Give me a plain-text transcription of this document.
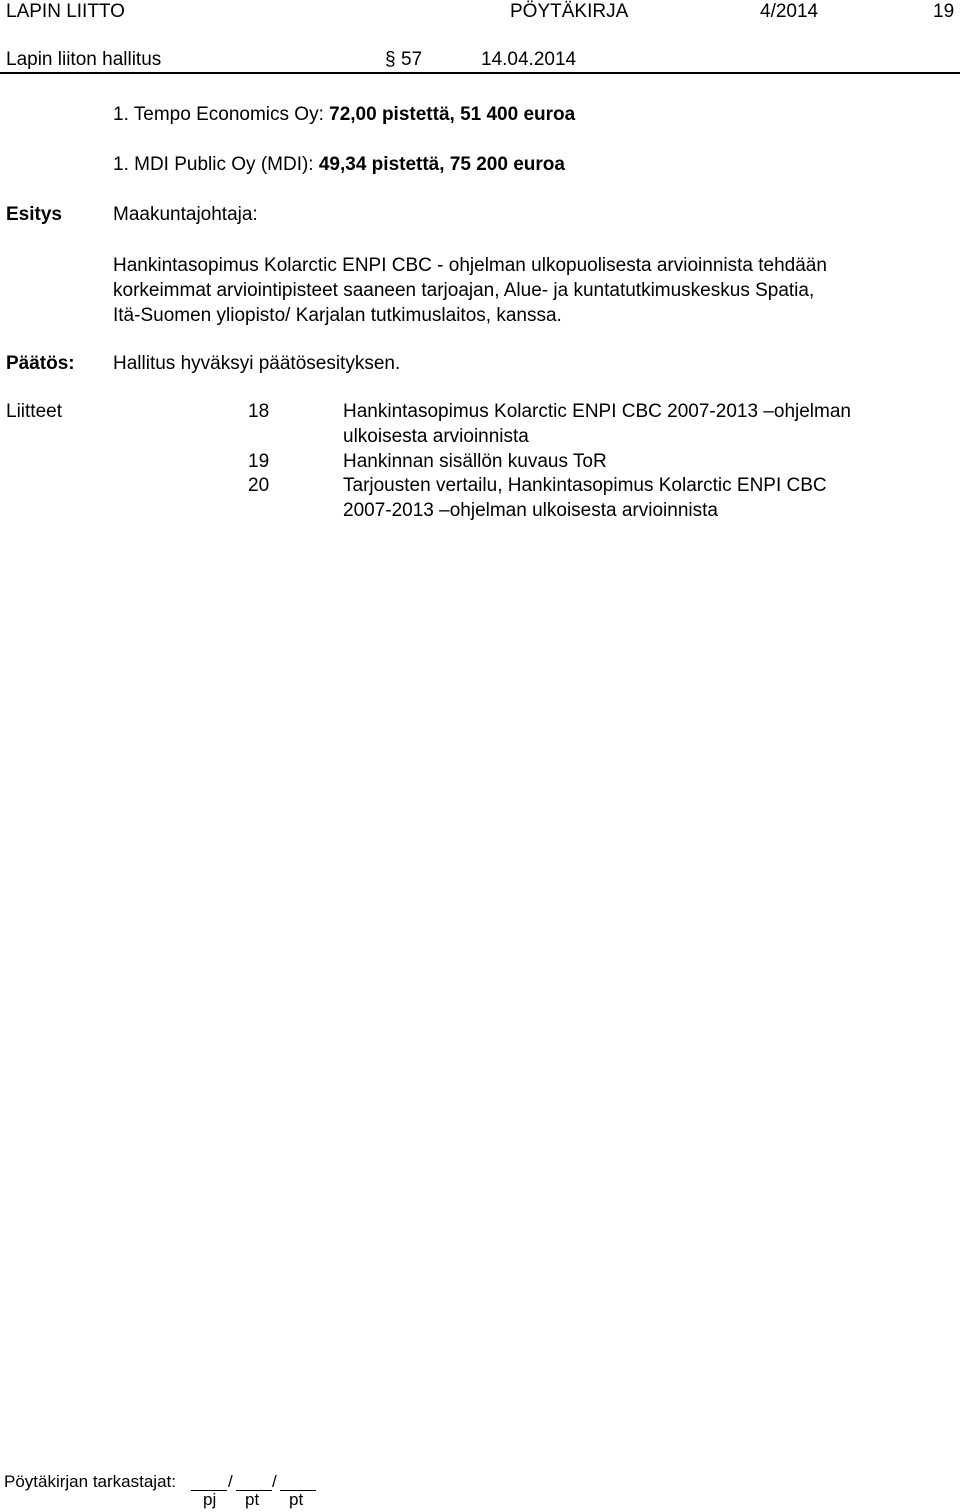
LAPIN LIITTO	PÖYTÄKIRJA	4/2014	19
Lapin liiton hallitus	§ 57	14.04.2014
1. Tempo Economics Oy: 72,00 pistettä, 51 400 euroa
1. MDI Public Oy (MDI): 49,34 pistettä, 75 200 euroa
Esitys	Maakuntajohtaja:
Hankintasopimus Kolarctic ENPI CBC - ohjelman ulkopuolisesta arvioinnista tehdään
korkeimmat arviointipisteet saaneen tarjoajan, Alue- ja kuntatutkimuskeskus Spatia,
Itä-Suomen yliopisto/ Karjalan tutkimuslaitos, kanssa.
Päätös: Hallitus hyväksyi päätösesityksen.
Liitteet	18	Hankintasopimus Kolarctic ENPI CBC 2007-2013 –ohjelman
ulkoisesta arvioinnista
19	Hankinnan sisällön kuvaus ToR
20	Tarjousten vertailu, Hankintasopimus Kolarctic ENPI CBC
2007-2013 –ohjelman ulkoisesta arvioinnista
Pöytäkirjan tarkastajat:	/ /
pj pt pt
